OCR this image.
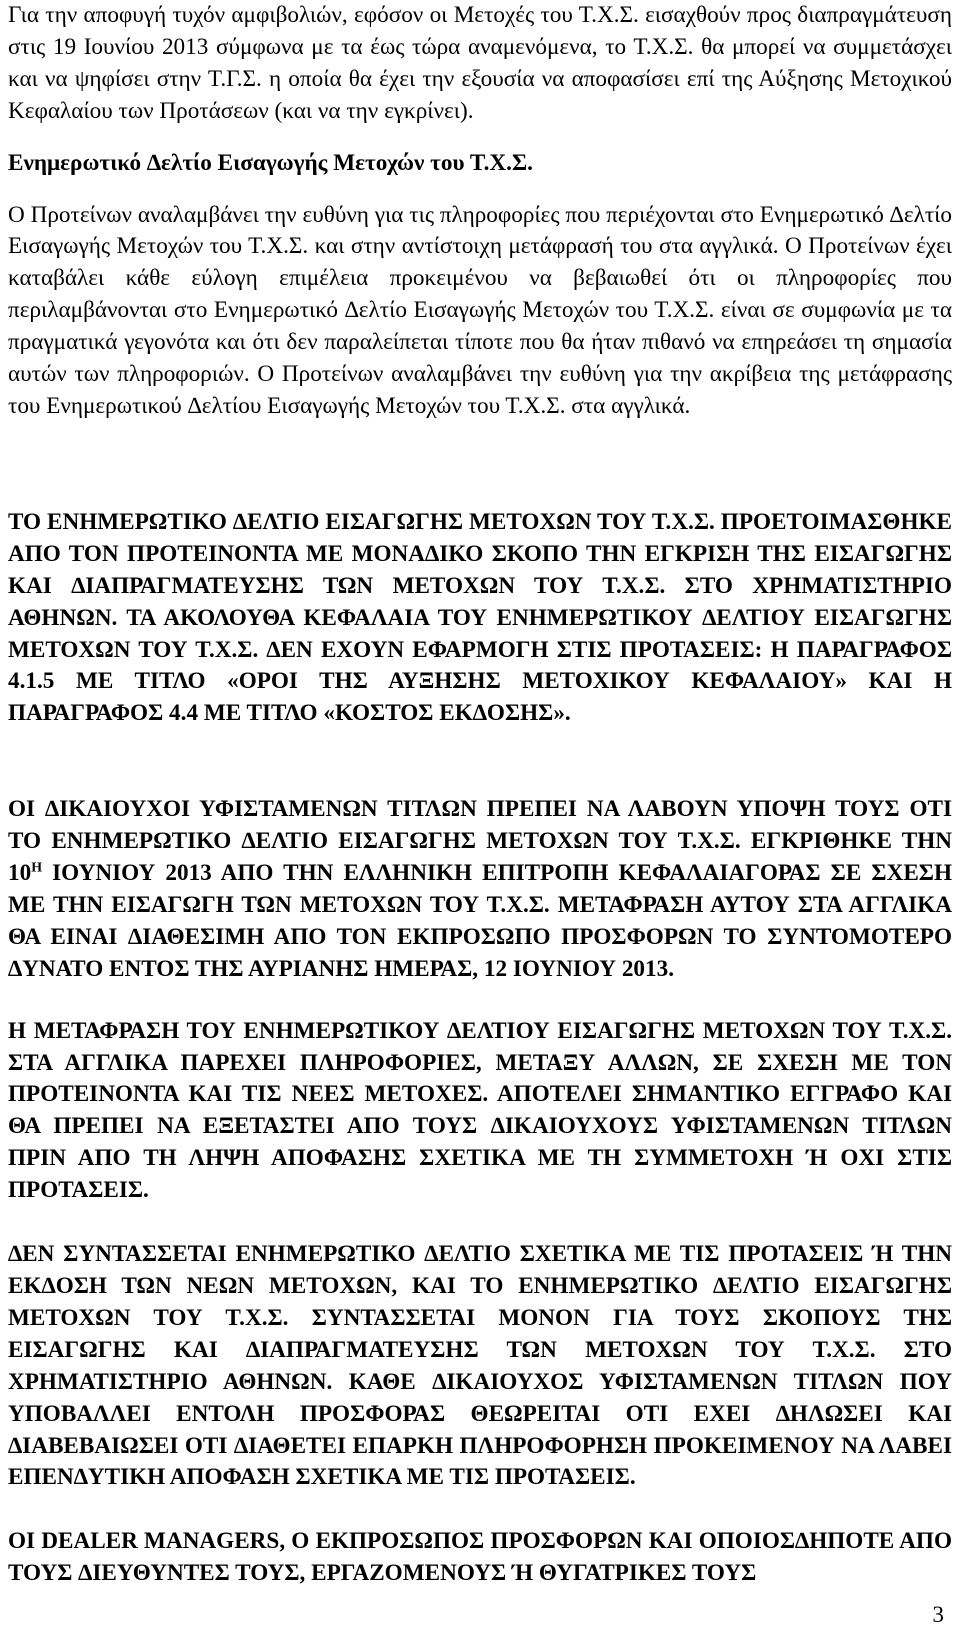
Για την αποφυγή τυχόν αμφιβολιών, εφόσον οι Μετοχές του Τ.Χ.Σ. εισαχθούν προς διαπραγμάτευση στις 19 Ιουνίου 2013 σύμφωνα με τα έως τώρα αναμενόμενα, το Τ.Χ.Σ. θα μπορεί να συμμετάσχει και να ψηφίσει στην Τ.Γ.Σ. η οποία θα έχει την εξουσία να αποφασίσει επί της Αύξησης Μετοχικού Κεφαλαίου των Προτάσεων (και να την εγκρίνει).

Ενημερωτικό ∆ελτίο Εισαγωγής Μετοχών του Τ.Χ.Σ.

Ο Προτείνων αναλαμβάνει την ευθύνη για τις πληροφορίες που περιέχονται στο Ενημερωτικό ∆ελτίο Εισαγωγής Μετοχών του Τ.Χ.Σ. και στην αντίστοιχη μετάφρασή του στα αγγλικά. Ο Προτείνων έχει καταβάλει κάθε εύλογη επιμέλεια προκειμένου να βεβαιωθεί ότι οι πληροφορίες που περιλαμβάνονται στο Ενημερωτικό ∆ελτίο Εισαγωγής Μετοχών του Τ.Χ.Σ. είναι σε συμφωνία με τα πραγματικά γεγονότα και ότι δεν παραλείπεται τίποτε που θα ήταν πιθανό να επηρεάσει τη σημασία αυτών των πληροφοριών. Ο Προτείνων αναλαμβάνει την ευθύνη για την ακρίβεια της μετάφρασης του Ενημερωτικού ∆ελτίου Εισαγωγής Μετοχών του Τ.Χ.Σ. στα αγγλικά.

ΤΟ ΕΝΗΜΕΡΩΤΙΚΟ ∆ΕΛΤΙΟ ΕΙΣΑΓΩΓΗΣ ΜΕΤΟΧΩΝ ΤΟΥ Τ.Χ.Σ. ΠΡΟΕΤΟΙΜΑΣΘΗΚΕ ΑΠΟ ΤΟΝ ΠΡΟΤΕΙΝΟΝΤΑ ΜΕ ΜΟΝΑ∆ΙΚΟ ΣΚΟΠΟ ΤΗΝ ΕΓΚΡΙΣΗ ΤΗΣ ΕΙΣΑΓΩΓΗΣ ΚΑΙ ∆ΙΑΠΡΑΓΜΑΤΕΥΣΗΣ ΤΩΝ ΜΕΤΟΧΩΝ ΤΟΥ Τ.Χ.Σ. ΣΤΟ ΧΡΗΜΑΤΙΣΤΗΡΙΟ ΑΘΗΝΩΝ. ΤΑ ΑΚΟΛΟΥΘΑ ΚΕΦΑΛΑΙΑ ΤΟΥ ΕΝΗΜΕΡΩΤΙΚΟΥ ∆ΕΛΤΙΟΥ ΕΙΣΑΓΩΓΗΣ ΜΕΤΟΧΩΝ ΤΟΥ Τ.Χ.Σ. ∆ΕΝ ΕΧΟΥΝ ΕΦΑΡΜΟΓΗ ΣΤΙΣ ΠΡΟΤΑΣΕΙΣ: Η ΠΑΡΑΓΡΑΦΟΣ 4.1.5 ΜΕ ΤΙΤΛΟ «ΟΡΟΙ ΤΗΣ ΑΥΞΗΣΗΣ ΜΕΤΟΧΙΚΟΥ ΚΕΦΑΛΑΙΟΥ» ΚΑΙ Η ΠΑΡΑΓΡΑΦΟΣ 4.4 ΜΕ ΤΙΤΛΟ «ΚΟΣΤΟΣ ΕΚ∆ΟΣΗΣ».

ΟΙ ∆ΙΚΑΙΟΥΧΟΙ ΥΦΙΣΤΑΜΕΝΩΝ ΤΙΤΛΩΝ ΠΡΕΠΕΙ ΝΑ ΛΑΒΟΥΝ ΥΠΟΨΗ ΤΟΥΣ ΟΤΙ ΤΟ ΕΝΗΜΕΡΩΤΙΚΟ ∆ΕΛΤΙΟ ΕΙΣΑΓΩΓΗΣ ΜΕΤΟΧΩΝ ΤΟΥ Τ.Χ.Σ. ΕΓΚΡΙΘΗΚΕ ΤΗΝ $10^H$ ΙΟΥΝΙΟΥ 2013 ΑΠΟ ΤΗΝ ΕΛΛΗΝΙΚΗ ΕΠΙΤΡΟΠΗ ΚΕΦΑΛΑΙΑΓΟΡΑΣ ΣΕ ΣΧΕΣΗ ΜΕ ΤΗΝ ΕΙΣΑΓΩΓΗ ΤΩΝ ΜΕΤΟΧΩΝ ΤΟΥ Τ.Χ.Σ. ΜΕΤΑΦΡΑΣΗ ΑΥΤΟΥ ΣΤΑ ΑΓΓΛΙΚΑ ΘΑ ΕΙΝΑΙ ∆ΙΑΘΕΣΙΜΗ ΑΠΟ ΤΟΝ ΕΚΠΡΟΣΩΠΟ ΠΡΟΣΦΟΡΩΝ ΤΟ ΣΥΝΤΟΜΟΤΕΡΟ ∆ΥΝΑΤΟ ΕΝΤΟΣ ΤΗΣ ΑΥΡΙΑΝΗΣ ΗΜΕΡΑΣ, 12 ΙΟΥΝΙΟΥ 2013.

Η ΜΕΤΑΦΡΑΣΗ ΤΟΥ ΕΝΗΜΕΡΩΤΙΚΟΥ ∆ΕΛΤΙΟΥ ΕΙΣΑΓΩΓΗΣ ΜΕΤΟΧΩΝ ΤΟΥ Τ.Χ.Σ. ΣΤΑ ΑΓΓΛΙΚΑ ΠΑΡΕΧΕΙ ΠΛΗΡΟΦΟΡΙΕΣ, ΜΕΤΑΞΥ ΑΛΛΩΝ, ΣΕ ΣΧΕΣΗ ΜΕ ΤΟΝ ΠΡΟΤΕΙΝΟΝΤΑ ΚΑΙ ΤΙΣ ΝΕΕΣ ΜΕΤΟΧΕΣ. ΑΠΟΤΕΛΕΙ ΣΗΜΑΝΤΙΚΟ ΕΓΓΡΑΦΟ ΚΑΙ ΘΑ ΠΡΕΠΕΙ ΝΑ ΕΞΕΤΑΣΤΕΙ ΑΠΟ ΤΟΥΣ ∆ΙΚΑΙΟΥΧΟΥΣ ΥΦΙΣΤΑΜΕΝΩΝ ΤΙΤΛΩΝ ΠΡΙΝ ΑΠΟ ΤΗ ΛΗΨΗ ΑΠΟΦΑΣΗΣ ΣΧΕΤΙΚΑ ΜΕ ΤΗ ΣΥΜΜΕΤΟΧΗ Ή ΟΧΙ ΣΤΙΣ ΠΡΟΤΑΣΕΙΣ.

∆ΕΝ ΣΥΝΤΑΣΣΕΤΑΙ ΕΝΗΜΕΡΩΤΙΚΟ ∆ΕΛΤΙΟ ΣΧΕΤΙΚΑ ΜΕ ΤΙΣ ΠΡΟΤΑΣΕΙΣ Ή ΤΗΝ ΕΚ∆ΟΣΗ ΤΩΝ ΝΕΩΝ ΜΕΤΟΧΩΝ, ΚΑΙ ΤΟ ΕΝΗΜΕΡΩΤΙΚΟ ∆ΕΛΤΙΟ ΕΙΣΑΓΩΓΗΣ ΜΕΤΟΧΩΝ ΤΟΥ Τ.Χ.Σ. ΣΥΝΤΑΣΣΕΤΑΙ ΜΟΝΟΝ ΓΙΑ ΤΟΥΣ ΣΚΟΠΟΥΣ ΤΗΣ ΕΙΣΑΓΩΓΗΣ ΚΑΙ ∆ΙΑΠΡΑΓΜΑΤΕΥΣΗΣ ΤΩΝ ΜΕΤΟΧΩΝ ΤΟΥ Τ.Χ.Σ. ΣΤΟ ΧΡΗΜΑΤΙΣΤΗΡΙΟ ΑΘΗΝΩΝ. ΚΑΘΕ ∆ΙΚΑΙΟΥΧΟΣ ΥΦΙΣΤΑΜΕΝΩΝ ΤΙΤΛΩΝ ΠΟΥ ΥΠΟΒΑΛΛΕΙ ΕΝΤΟΛΗ ΠΡΟΣΦΟΡΑΣ ΘΕΩΡΕΙΤΑΙ ΟΤΙ ΕΧΕΙ ∆ΗΛΩΣΕΙ ΚΑΙ ∆ΙΑΒΕΒΑΙΩΣΕΙ ΟΤΙ ∆ΙΑΘΕΤΕΙ ΕΠΑΡΚΗ ΠΛΗΡΟΦΟΡΗΣΗ ΠΡΟΚΕΙΜΕΝΟΥ ΝΑ ΛΑΒΕΙ ΕΠΕΝ∆ΥΤΙΚΗ ΑΠΟΦΑΣΗ ΣΧΕΤΙΚΑ ΜΕ ΤΙΣ ΠΡΟΤΑΣΕΙΣ.

ΟΙ DEALER MANAGERS, Ο ΕΚΠΡΟΣΩΠΟΣ ΠΡΟΣΦΟΡΩΝ ΚΑΙ ΟΠΟΙΟΣ∆ΗΠΟΤΕ ΑΠΟ ΤΟΥΣ ∆ΙΕΥΘΥΝΤΕΣ ΤΟΥΣ, ΕΡΓΑΖΟΜΕΝΟΥΣ Ή ΘΥΓΑΤΡΙΚΕΣ ΤΟΥΣ

3
